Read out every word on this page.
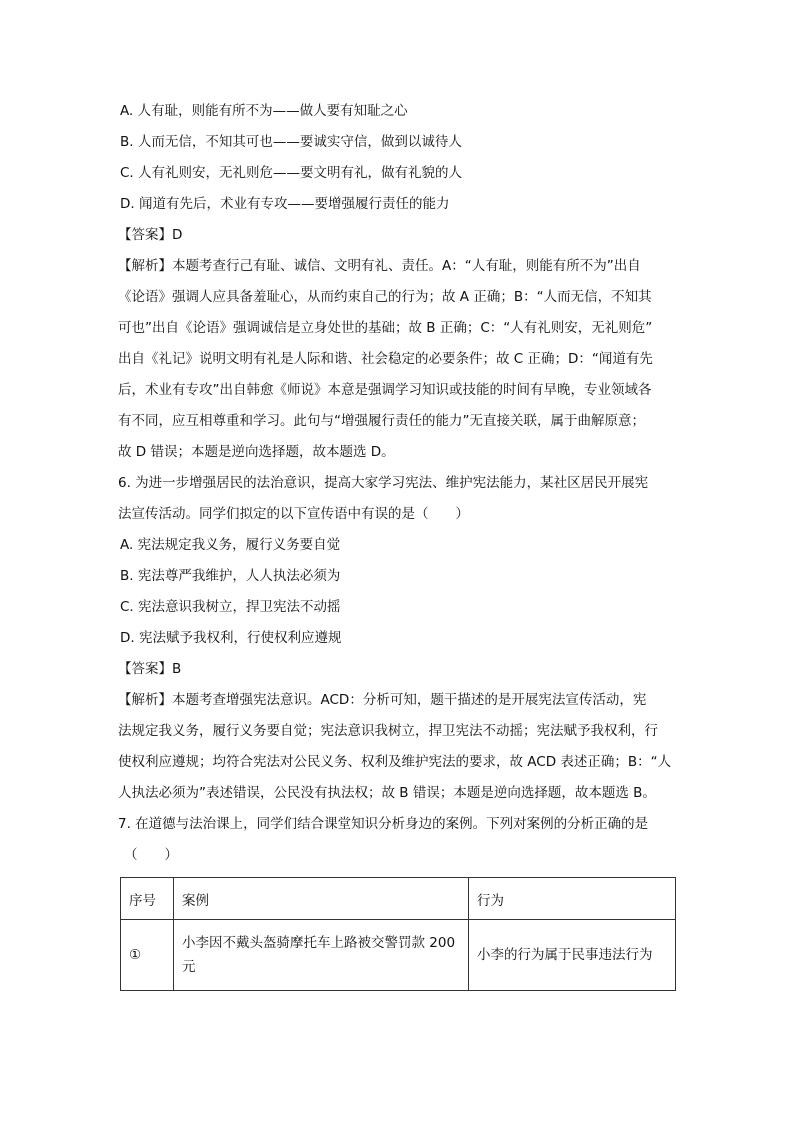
A. 人有耻，则能有所不为——做人要有知耻之心
B. 人而无信，不知其可也——要诚实守信，做到以诚待人
C. 人有礼则安，无礼则危——要文明有礼，做有礼貌的人
D. 闻道有先后，术业有专攻——要增强履行责任的能力
【答案】D
【解析】本题考查行己有耻、诚信、文明有礼、责任。A：“人有耻，则能有所不为”出自
《论语》强调人应具备羞耻心，从而约束自己的行为；故 A 正确；B：“人而无信，不知其
可也”出自《论语》强调诚信是立身处世的基础；故 B 正确；C：“人有礼则安，无礼则危”
出自《礼记》说明文明有礼是人际和谐、社会稳定的必要条件；故 C 正确；D：“闻道有先
后，术业有专攻”出自韩愈《师说》本意是强调学习知识或技能的时间有早晚，专业领域各
有不同，应互相尊重和学习。此句与“增强履行责任的能力”无直接关联，属于曲解原意；
故 D 错误；本题是逆向选择题，故本题选 D。
6. 为进一步增强居民的法治意识，提高大家学习宪法、维护宪法能力，某社区居民开展宪
法宣传活动。同学们拟定的以下宣传语中有误的是（　　）
A. 宪法规定我义务，履行义务要自觉
B. 宪法尊严我维护，人人执法必须为
C. 宪法意识我树立，捍卫宪法不动摇
D. 宪法赋予我权利，行使权利应遵规
【答案】B
【解析】本题考查增强宪法意识。ACD：分析可知，题干描述的是开展宪法宣传活动，宪
法规定我义务，履行义务要自觉；宪法意识我树立，捍卫宪法不动摇；宪法赋予我权利，行
使权利应遵规；均符合宪法对公民义务、权利及维护宪法的要求，故 ACD 表述正确；B：“人
人执法必须为”表述错误，公民没有执法权；故 B 错误；本题是逆向选择题，故本题选 B。
7. 在道德与法治课上，同学们结合课堂知识分析身边的案例。下列对案例的分析正确的是
（　　）
序号	案例	行为
①	小李因不戴头盔骑摩托车上路被交警罚款 200 元	小李的行为属于民事违法行为
